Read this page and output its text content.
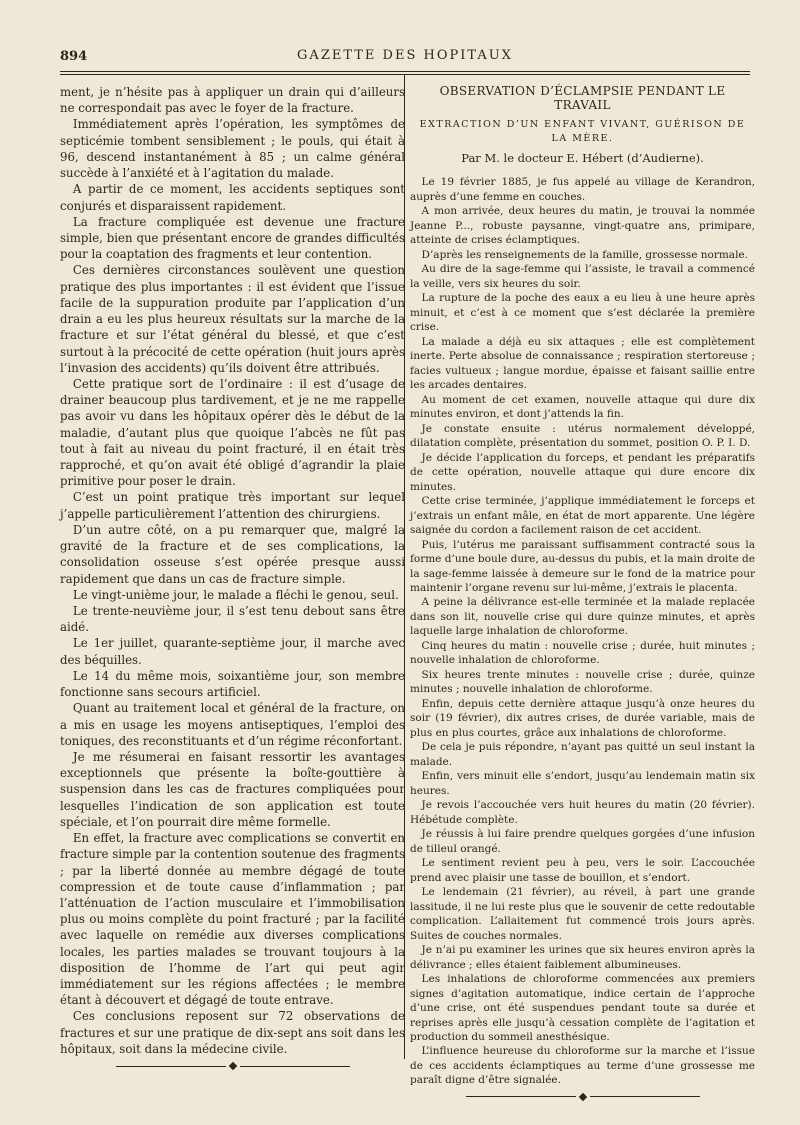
894	GAZETTE DES HOPITAUX

ment, je n’hésite pas à appliquer un drain qui d’ailleurs ne correspondait pas avec le foyer de la fracture.

Immédiatement après l’opération, les symptômes de septicémie tombent sensiblement ; le pouls, qui était à 96, descend instantanément à 85 ; un calme général succède à l’anxiété et à l’agitation du malade.

A partir de ce moment, les accidents septiques sont conjurés et disparaissent rapidement.

La fracture compliquée est devenue une fracture simple, bien que présentant encore de grandes difficultés pour la coaptation des fragments et leur contention.

Ces dernières circonstances soulèvent une question pratique des plus importantes : il est évident que l’issue facile de la suppuration produite par l’application d’un drain a eu les plus heureux résultats sur la marche de la fracture et sur l’état général du blessé, et que c’est surtout à la précocité de cette opération (huit jours après l’invasion des accidents) qu’ils doivent être attribués.

Cette pratique sort de l’ordinaire : il est d’usage de drainer beaucoup plus tardivement, et je ne me rappelle pas avoir vu dans les hôpitaux opérer dès le début de la maladie, d’autant plus que quoique l’abcès ne fût pas tout à fait au niveau du point fracturé, il en était très rapproché, et qu’on avait été obligé d’agrandir la plaie primitive pour poser le drain.

C’est un point pratique très important sur lequel j’appelle particulièrement l’attention des chirurgiens.

D’un autre côté, on a pu remarquer que, malgré la gravité de la fracture et de ses complications, la consolidation osseuse s’est opérée presque aussi rapidement que dans un cas de fracture simple.

Le vingt-unième jour, le malade a fléchi le genou, seul.

Le trente-neuvième jour, il s’est tenu debout sans être aidé.

Le 1er juillet, quarante-septième jour, il marche avec des béquilles.

Le 14 du même mois, soixantième jour, son membre fonctionne sans secours artificiel.

Quant au traitement local et général de la fracture, on a mis en usage les moyens antiseptiques, l’emploi des toniques, des reconstituants et d’un régime réconfortant.

Je me résumerai en faisant ressortir les avantages exceptionnels que présente la boîte-gouttière à suspension dans les cas de fractures compliquées pour lesquelles l’indication de son application est toute spéciale, et l’on pourrait dire même formelle.

En effet, la fracture avec complications se convertit en fracture simple par la contention soutenue des fragments ; par la liberté donnée au membre dégagé de toute compression et de toute cause d’inflammation ; par l’atténuation de l’action musculaire et l’immobilisation plus ou moins complète du point fracturé ; par la facilité avec laquelle on remédie aux diverses complications locales, les parties malades se trouvant toujours à la disposition de l’homme de l’art qui peut agir immédiatement sur les régions affectées ; le membre étant à découvert et dégagé de toute entrave.

Ces conclusions reposent sur 72 observations de fractures et sur une pratique de dix-sept ans soit dans les hôpitaux, soit dans la médecine civile.

OBSERVATION D’ÉCLAMPSIE PENDANT LE TRAVAIL
EXTRACTION D’UN ENFANT VIVANT, GUÉRISON DE LA MÈRE.
Par M. le docteur E. Hébert (d’Audierne).

Le 19 février 1885, je fus appelé au village de Kerandron, auprès d’une femme en couches.

A mon arrivée, deux heures du matin, je trouvai la nommée Jeanne P..., robuste paysanne, vingt-quatre ans, primipare, atteinte de crises éclamptiques.

D’après les renseignements de la famille, grossesse normale.

Au dire de la sage-femme qui l’assiste, le travail a commencé la veille, vers six heures du soir.

La rupture de la poche des eaux a eu lieu à une heure après minuit, et c’est à ce moment que s’est déclarée la première crise.

La malade a déjà eu six attaques ; elle est complètement inerte. Perte absolue de connaissance ; respiration stertoreuse ; facies vultueux ; langue mordue, épaisse et faisant saillie entre les arcades dentaires.

Au moment de cet examen, nouvelle attaque qui dure dix minutes environ, et dont j’attends la fin.

Je constate ensuite : utérus normalement développé, dilatation complète, présentation du sommet, position O. P. I. D.

Je décide l’application du forceps, et pendant les préparatifs de cette opération, nouvelle attaque qui dure encore dix minutes.

Cette crise terminée, j’applique immédiatement le forceps et j’extrais un enfant mâle, en état de mort apparente. Une légère saignée du cordon a facilement raison de cet accident.

Puis, l’utérus me paraissant suffisamment contracté sous la forme d’une boule dure, au-dessus du pubis, et la main droite de la sage-femme laissée à demeure sur le fond de la matrice pour maintenir l’organe revenu sur lui-même, j’extrais le placenta.

A peine la délivrance est-elle terminée et la malade replacée dans son lit, nouvelle crise qui dure quinze minutes, et après laquelle large inhalation de chloroforme.

Cinq heures du matin : nouvelle crise ; durée, huit minutes ; nouvelle inhalation de chloroforme.

Six heures trente minutes : nouvelle crise ; durée, quinze minutes ; nouvelle inhalation de chloroforme.

Enfin, depuis cette dernière attaque jusqu’à onze heures du soir (19 février), dix autres crises, de durée variable, mais de plus en plus courtes, grâce aux inhalations de chloroforme.

De cela je puis répondre, n’ayant pas quitté un seul instant la malade.

Enfin, vers minuit elle s’endort, jusqu’au lendemain matin six heures.

Je revois l’accouchée vers huit heures du matin (20 février). Hébétude complète.

Je réussis à lui faire prendre quelques gorgées d’une infusion de tilleul orangé.

Le sentiment revient peu à peu, vers le soir. L’accouchée prend avec plaisir une tasse de bouillon, et s’endort.

Le lendemain (21 février), au réveil, à part une grande lassitude, il ne lui reste plus que le souvenir de cette redoutable complication. L’allaitement fut commencé trois jours après. Suites de couches normales.

Je n’ai pu examiner les urines que six heures environ après la délivrance ; elles étaient faiblement albumineuses.

Les inhalations de chloroforme commencées aux premiers signes d’agitation automatique, indice certain de l’approche d’une crise, ont été suspendues pendant toute sa durée et reprises après elle jusqu’à cessation complète de l’agitation et production du sommeil anesthésique.

L’influence heureuse du chloroforme sur la marche et l’issue de ces accidents éclamptiques au terme d’une grossesse me paraît digne d’être signalée.
